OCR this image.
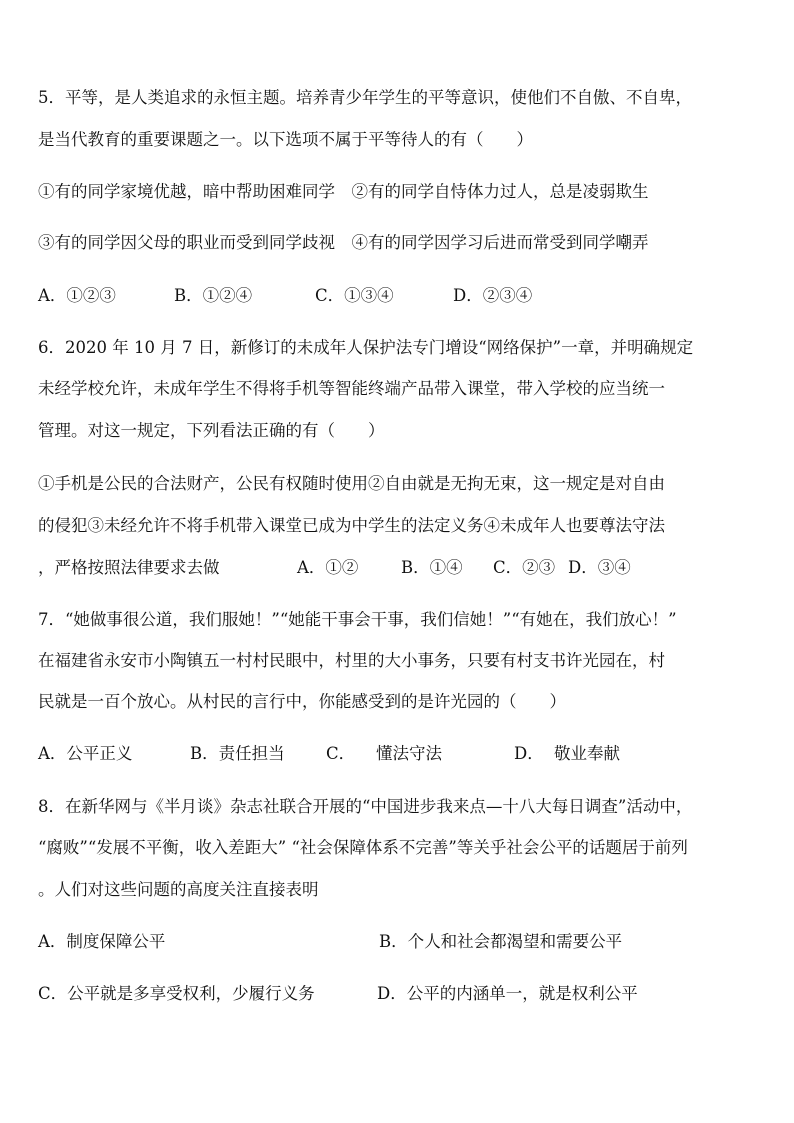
5．平等，是人类追求的永恒主题。培养青少年学生的平等意识，使他们不自傲、不自卑，
是当代教育的重要课题之一。以下选项不属于平等待人的有（　　）
①有的同学家境优越，暗中帮助困难同学　②有的同学自恃体力过人，总是凌弱欺生
③有的同学因父母的职业而受到同学歧视　④有的同学因学习后进而常受到同学嘲弄
A．①②③	B．①②④	C．①③④	D．②③④
6．2020 年 10 月 7 日，新修订的未成年人保护法专门增设“网络保护”一章，并明确规定
未经学校允许，未成年学生不得将手机等智能终端产品带入课堂，带入学校的应当统一
管理。对这一规定，下列看法正确的有（　　）
①手机是公民的合法财产，公民有权随时使用②自由就是无拘无束，这一规定是对自由
的侵犯③未经允许不将手机带入课堂已成为中学生的法定义务④未成年人也要尊法守法
，严格按照法律要求去做	A．①②	B．①④ C．②③ D．③④
7．“她做事很公道，我们服她！”“她能干事会干事，我们信她！”“有她在，我们放心！”
在福建省永安市小陶镇五一村村民眼中，村里的大小事务，只要有村支书许光园在，村
民就是一百个放心。从村民的言行中，你能感受到的是许光园的（　　）
A．公平正义	B．责任担当	C． 懂法守法	D． 敬业奉献
8．在新华网与《半月谈》杂志社联合开展的“中国进步我来点—十八大每日调查”活动中，
“腐败”“发展不平衡，收入差距大” “社会保障体系不完善”等关乎社会公平的话题居于前列
。人们对这些问题的高度关注直接表明
A．制度保障公平	B．个人和社会都渴望和需要公平
C．公平就是多享受权利，少履行义务	D．公平的内涵单一，就是权利公平
